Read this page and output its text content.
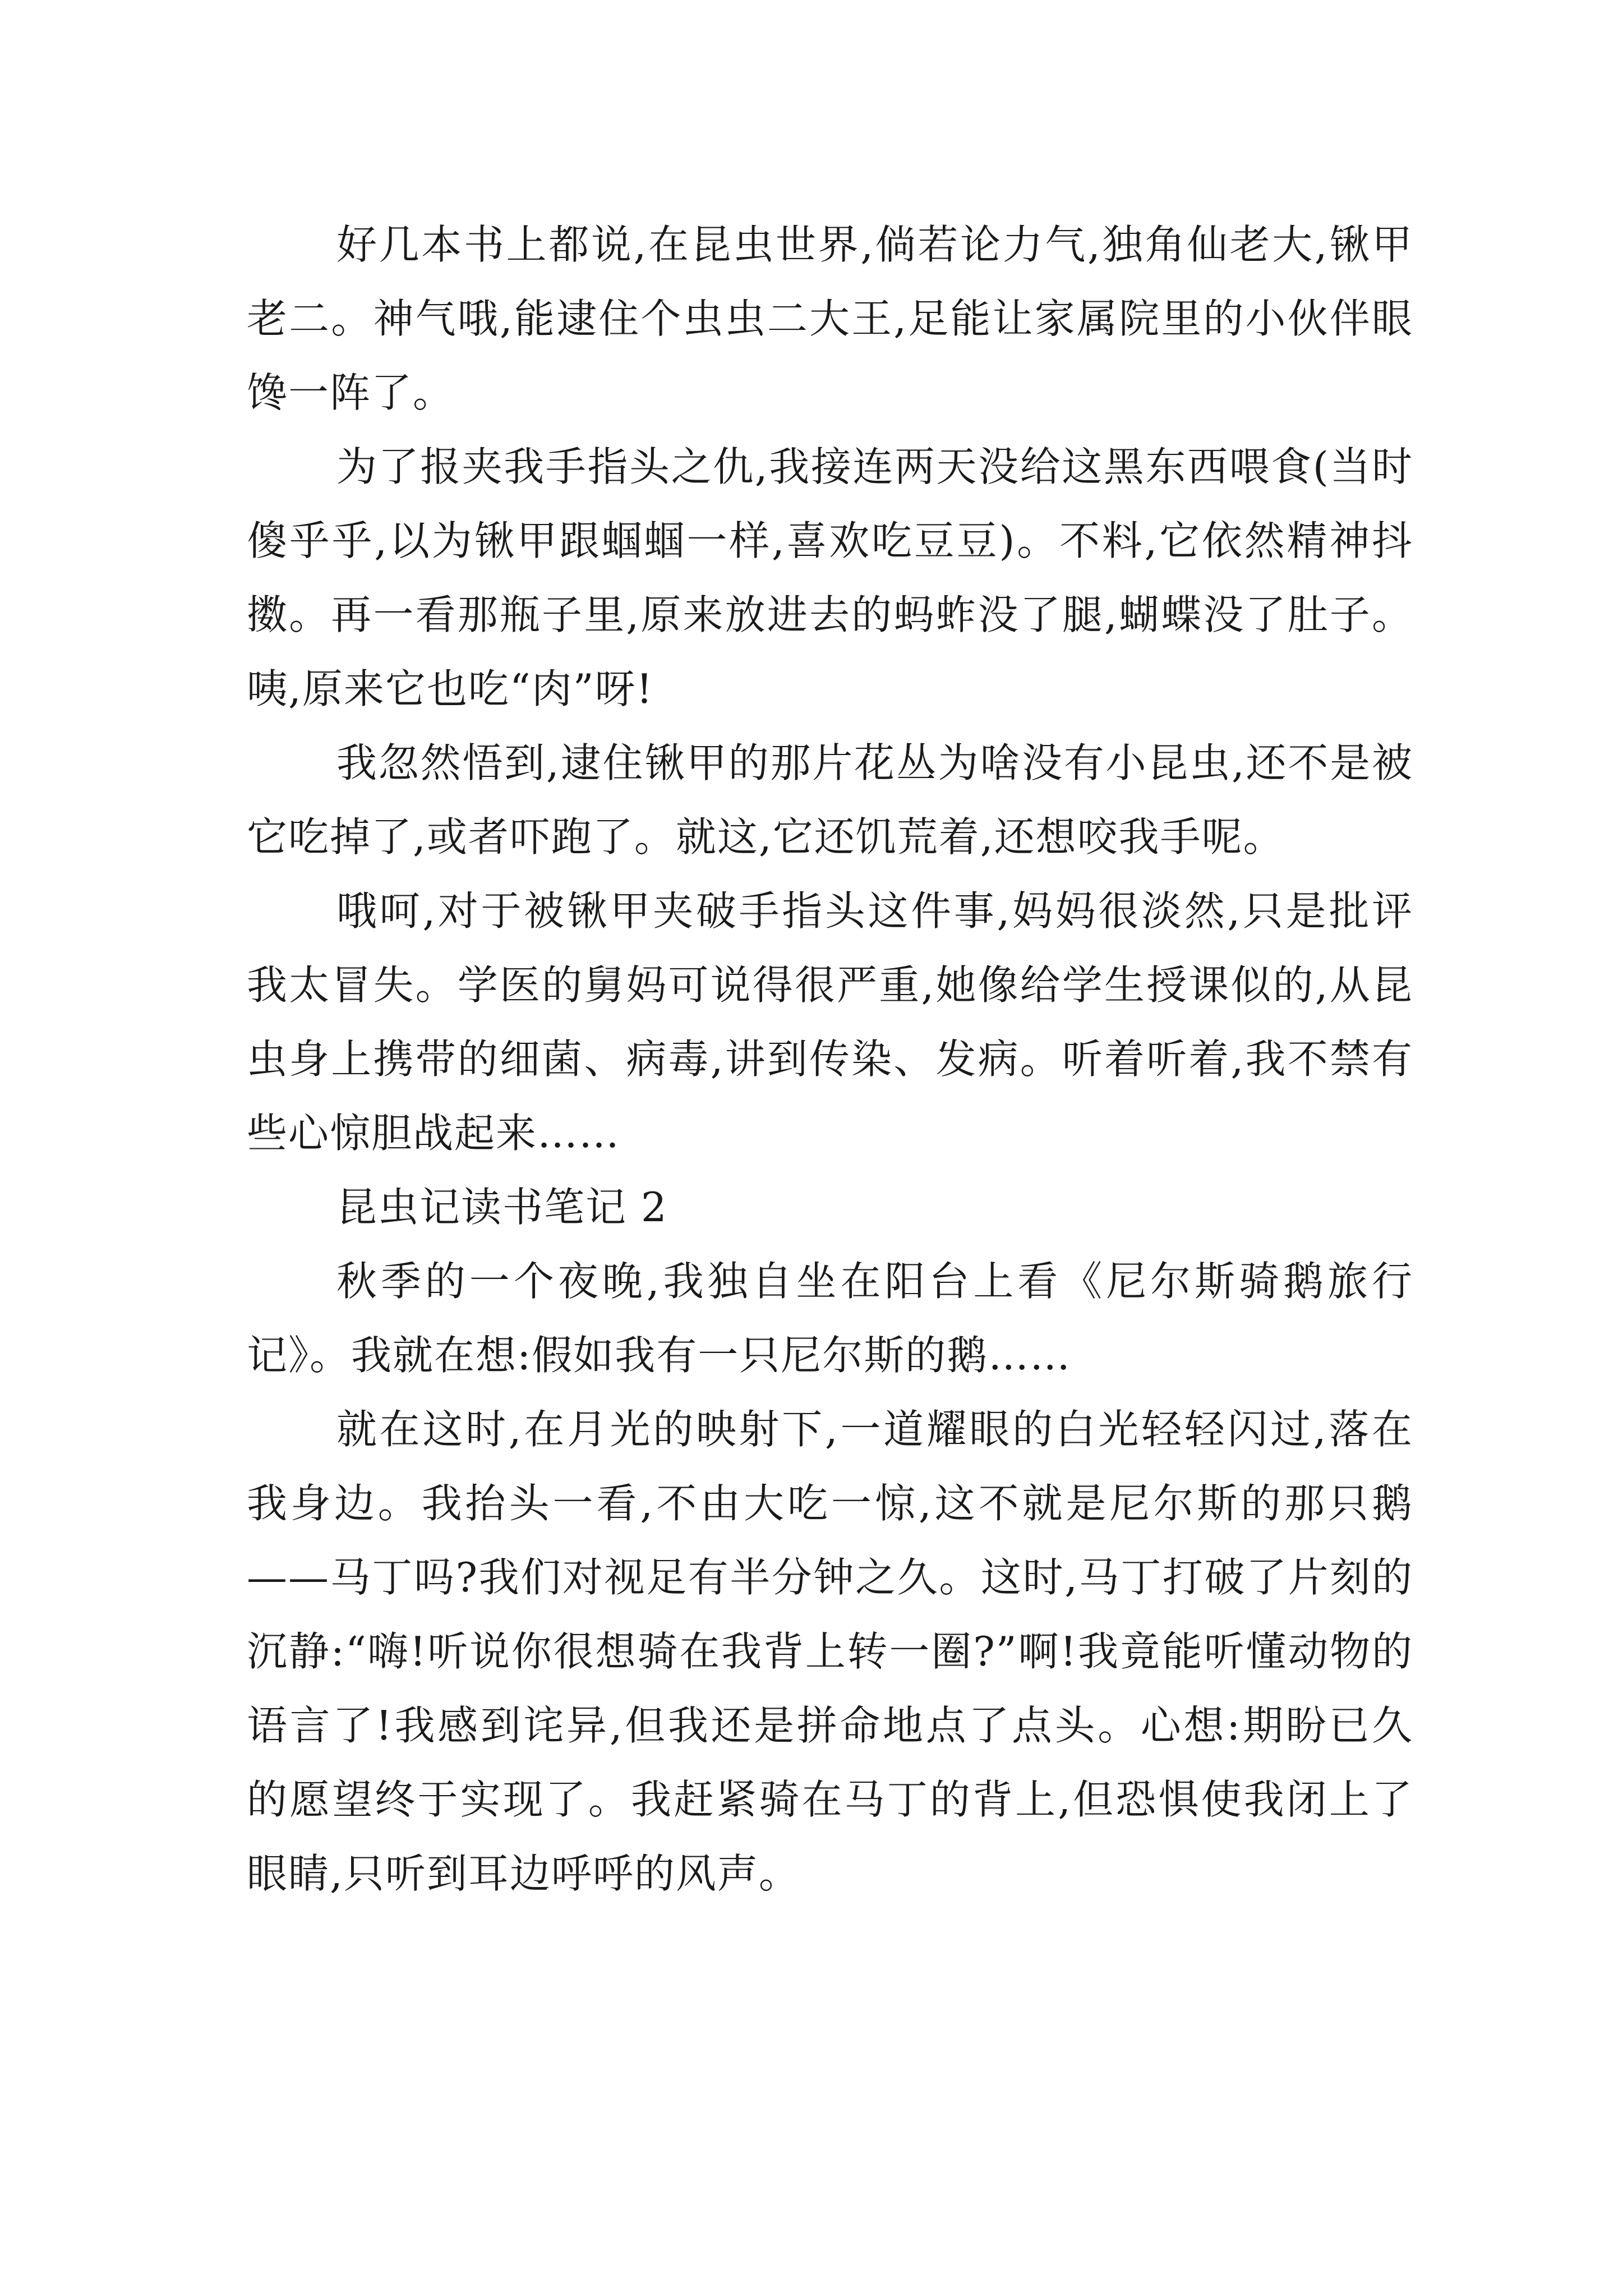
好几本书上都说,在昆虫世界,倘若论力气,独角仙老大,锹甲老二。神气哦,能逮住个虫虫二大王,足能让家属院里的小伙伴眼馋一阵了。

为了报夹我手指头之仇,我接连两天没给这黑东西喂食(当时傻乎乎,以为锹甲跟蝈蝈一样,喜欢吃豆豆)。不料,它依然精神抖擞。再一看那瓶子里,原来放进去的蚂蚱没了腿,蝴蝶没了肚子。咦,原来它也吃“肉”呀!

我忽然悟到,逮住锹甲的那片花丛为啥没有小昆虫,还不是被它吃掉了,或者吓跑了。就这,它还饥荒着,还想咬我手呢。

哦呵,对于被锹甲夹破手指头这件事,妈妈很淡然,只是批评我太冒失。学医的舅妈可说得很严重,她像给学生授课似的,从昆虫身上携带的细菌、病毒,讲到传染、发病。听着听着,我不禁有些心惊胆战起来……

昆虫记读书笔记 2

秋季的一个夜晚,我独自坐在阳台上看《尼尔斯骑鹅旅行记》。我就在想:假如我有一只尼尔斯的鹅……

就在这时,在月光的映射下,一道耀眼的白光轻轻闪过,落在我身边。我抬头一看,不由大吃一惊,这不就是尼尔斯的那只鹅——马丁吗?我们对视足有半分钟之久。这时,马丁打破了片刻的沉静:“嗨!听说你很想骑在我背上转一圈?”啊!我竟能听懂动物的语言了!我感到诧异,但我还是拼命地点了点头。心想:期盼已久的愿望终于实现了。我赶紧骑在马丁的背上,但恐惧使我闭上了眼睛,只听到耳边呼呼的风声。
